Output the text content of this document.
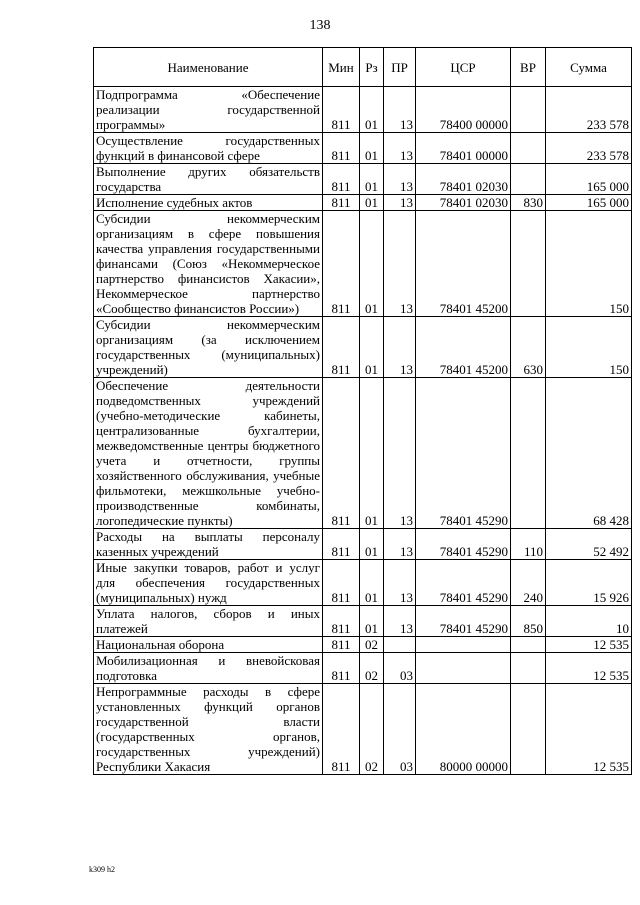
138
Наименование	Мин	Рз	ПР	ЦСР	ВР	Сумма
Подпрограмма «Обеспечение реализации государственной программы»	811	01	13	78400 00000		233 578
Осуществление государственных функций в финансовой сфере	811	01	13	78401 00000		233 578
Выполнение других обязательств государства	811	01	13	78401 02030		165 000
Исполнение судебных актов	811	01	13	78401 02030	830	165 000
Субсидии некоммерческим организациям в сфере повышения качества управления государственными финансами (Союз «Некоммерческое партнерство финансистов Хакасии», Некоммерческое партнерство «Сообщество финансистов России»)	811	01	13	78401 45200		150
Субсидии некоммерческим организациям (за исключением государственных (муниципальных) учреждений)	811	01	13	78401 45200	630	150
Обеспечение деятельности подведомственных учреждений (учебно-методические кабинеты, централизованные бухгалтерии, межведомственные центры бюджетного учета и отчетности, группы хозяйственного обслуживания, учебные фильмотеки, межшкольные учебно-производственные комбинаты, логопедические пункты)	811	01	13	78401 45290		68 428
Расходы на выплаты персоналу казенных учреждений	811	01	13	78401 45290	110	52 492
Иные закупки товаров, работ и услуг для обеспечения государственных (муниципальных) нужд	811	01	13	78401 45290	240	15 926
Уплата налогов, сборов и иных платежей	811	01	13	78401 45290	850	10
Национальная оборона	811	02				12 535
Мобилизационная и вневойсковая подготовка	811	02	03			12 535
Непрограммные расходы в сфере установленных функций органов государственной власти (государственных органов, государственных учреждений) Республики Хакасия	811	02	03	80000 00000		12 535
k309 h2
